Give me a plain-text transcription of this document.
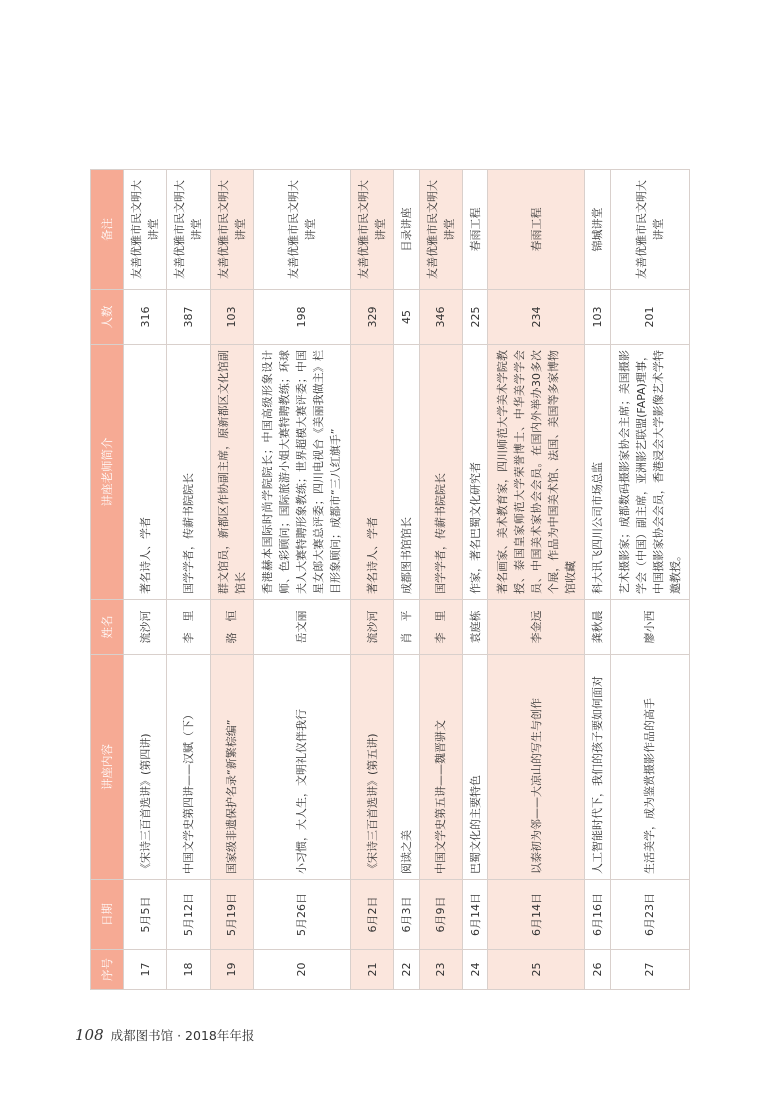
序号	日期	讲座内容	姓名	讲座老师简介	人数	备注
17	5月5日	《宋诗三百首选讲》(第四讲)	流沙河	著名诗人、学者	316	友善优雅市民文明大讲堂
18	5月12日	中国文学史第四讲——汉赋（下）	李　里	国学学者，传薪书院院长	387	友善优雅市民文明大讲堂
19	5月19日	国家级非遗保护名录“新繁棕编”	骆　恒	群文馆员，新都区作协副主席，原新都区文化馆副馆长	103	友善优雅市民文明大讲堂
20	5月26日	小习惯，大人生，文明礼仪伴我行	岳文丽	香港赫本国际时尚学院院长；中国高级形象设计师、色彩顾问；国际旅游小姐大赛特聘教练；环球夫人大赛特聘形象教练；世界超模大赛评委；中国星女郎大赛总评委；四川电视台《美丽我做主》栏目形象顾问；成都市“三八红旗手”	198	友善优雅市民文明大讲堂
21	6月2日	《宋诗三百首选讲》(第五讲)	流沙河	著名诗人、学者	329	友善优雅市民文明大讲堂
22	6月3日	阅读之美	肖　平	成都图书馆馆长	45	目录讲座
23	6月9日	中国文学史第五讲——魏晋骈文	李　里	国学学者，传薪书院院长	346	友善优雅市民文明大讲堂
24	6月14日	巴蜀文化的主要特色	袁庭栋	作家，著名巴蜀文化研究者	225	春雨工程
25	6月14日	以泰初为邻——大凉山的写生与创作	李金远	著名画家、美术教育家，四川师范大学美术学院教授、泰国皇家师范大学荣誉博士、中华美学学会员、中国美术家协会会员。在国内外举办30多次个展，作品为中国美术馆、法国、美国等多家博物馆收藏	234	春雨工程
26	6月16日	人工智能时代下，我们的孩子要如何面对	龚秋晨	科大讯飞四川公司市场总监	103	锦城讲堂
27	6月23日	生活美学，成为鉴赏摄影作品的高手	廖小西	艺术摄影家；成都数码摄影家协会主席；美国摄影学会（中国）副主席，亚洲影艺联盟(FAPA)理事，中国摄影家协会会员，香港浸会大学影像艺术学特邀教授。	201	友善优雅市民文明大讲堂
108 成都图书馆 · 2018年年报
